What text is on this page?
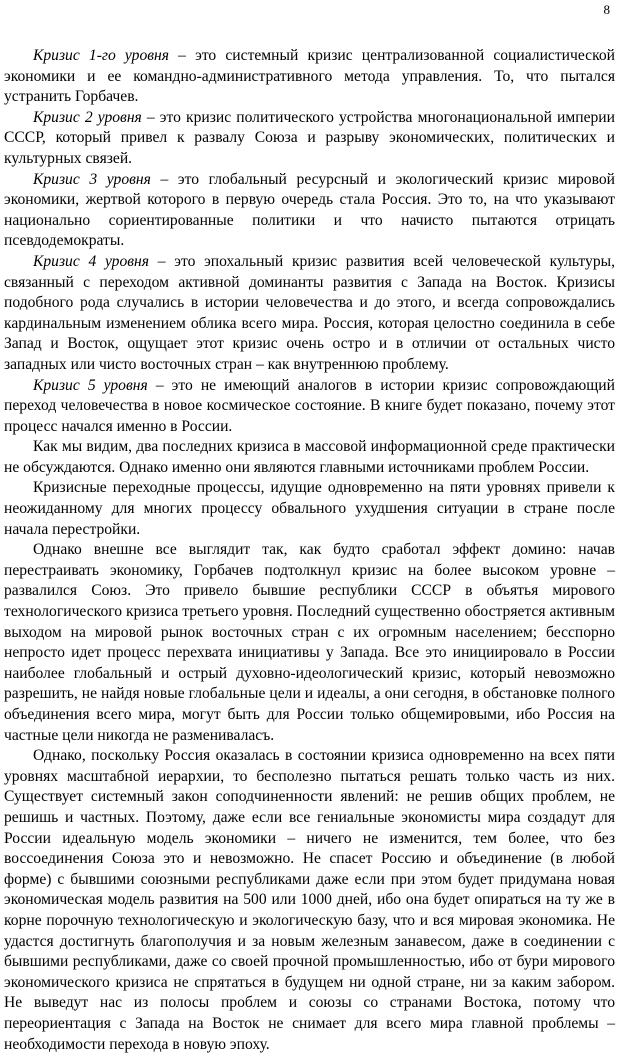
8

Кризис 1-го уровня – это системный кризис централизованной социалистической экономики и ее командно-административного метода управления. То, что пытался устранить Горбачев.

Кризис 2 уровня – это кризис политического устройства многонациональной империи СССР, который привел к развалу Союза и разрыву экономических, политических и культурных связей.

Кризис 3 уровня – это глобальный ресурсный и экологический кризис мировой экономики, жертвой которого в первую очередь стала Россия. Это то, на что указывают национально сориентированные политики и что начисто пытаются отрицать псевдодемократы.

Кризис 4 уровня – это эпохальный кризис развития всей человеческой культуры, связанный с переходом активной доминанты развития с Запада на Восток. Кризисы подобного рода случались в истории человечества и до этого, и всегда сопровождались кардинальным изменением облика всего мира. Россия, которая целостно соединила в себе Запад и Восток, ощущает этот кризис очень остро и в отличии от остальных чисто западных или чисто восточных стран – как внутреннюю проблему.

Кризис 5 уровня – это не имеющий аналогов в истории кризис сопровождающий переход человечества в новое космическое состояние. В книге будет показано, почему этот процесс начался именно в России.

Как мы видим, два последних кризиса в массовой информационной среде практически не обсуждаются. Однако именно они являются главными источниками проблем России.

Кризисные переходные процессы, идущие одновременно на пяти уровнях привели к неожиданному для многих процессу обвального ухудшения ситуации в стране после начала перестройки.

Однако внешне все выглядит так, как будто сработал эффект домино: начав перестраивать экономику, Горбачев подтолкнул кризис на более высоком уровне – развалился Союз. Это привело бывшие республики СССР в объятья мирового технологического кризиса третьего уровня. Последний существенно обостряется активным выходом на мировой рынок восточных стран с их огромным населением; бесспорно непросто идет процесс перехвата инициативы у Запада. Все это инициировало в России наиболее глобальный и острый духовно-идеологический кризис, который невозможно разрешить, не найдя новые глобальные цели и идеалы, а они сегодня, в обстановке полного объединения всего мира, могут быть для России только общемировыми, ибо Россия на частные цели никогда не размениваласъ.

Однако, поскольку Россия оказалась в состоянии кризиса одновременно на всех пяти уровнях масштабной иерархии, то бесполезно пытаться решать только часть из них. Существует системный закон соподчиненности явлений: не решив общих проблем, не решишь и частных. Поэтому, даже если все гениальные экономисты мира создадут для России идеальную модель экономики – ничего не изменится, тем более, что без воссоединения Союза это и невозможно. Не спасет Россию и объединение (в любой форме) с бывшими союзными республиками даже если при этом будет придумана новая экономическая модель развития на 500 или 1000 дней, ибо она будет опираться на ту же в корне порочную технологическую и экологическую базу, что и вся мировая экономика. Не удастся достигнуть благополучия и за новым железным занавесом, даже в соединении с бывшими республиками, даже со своей прочной промышленностью, ибо от бури мирового экономического кризиса не спрятаться в будущем ни одной стране, ни за каким забором. Не выведут нас из полосы проблем и союзы со странами Востока, потому что переориентация с Запада на Восток не снимает для всего мира главной проблемы – необходимости перехода в новую эпоху.
